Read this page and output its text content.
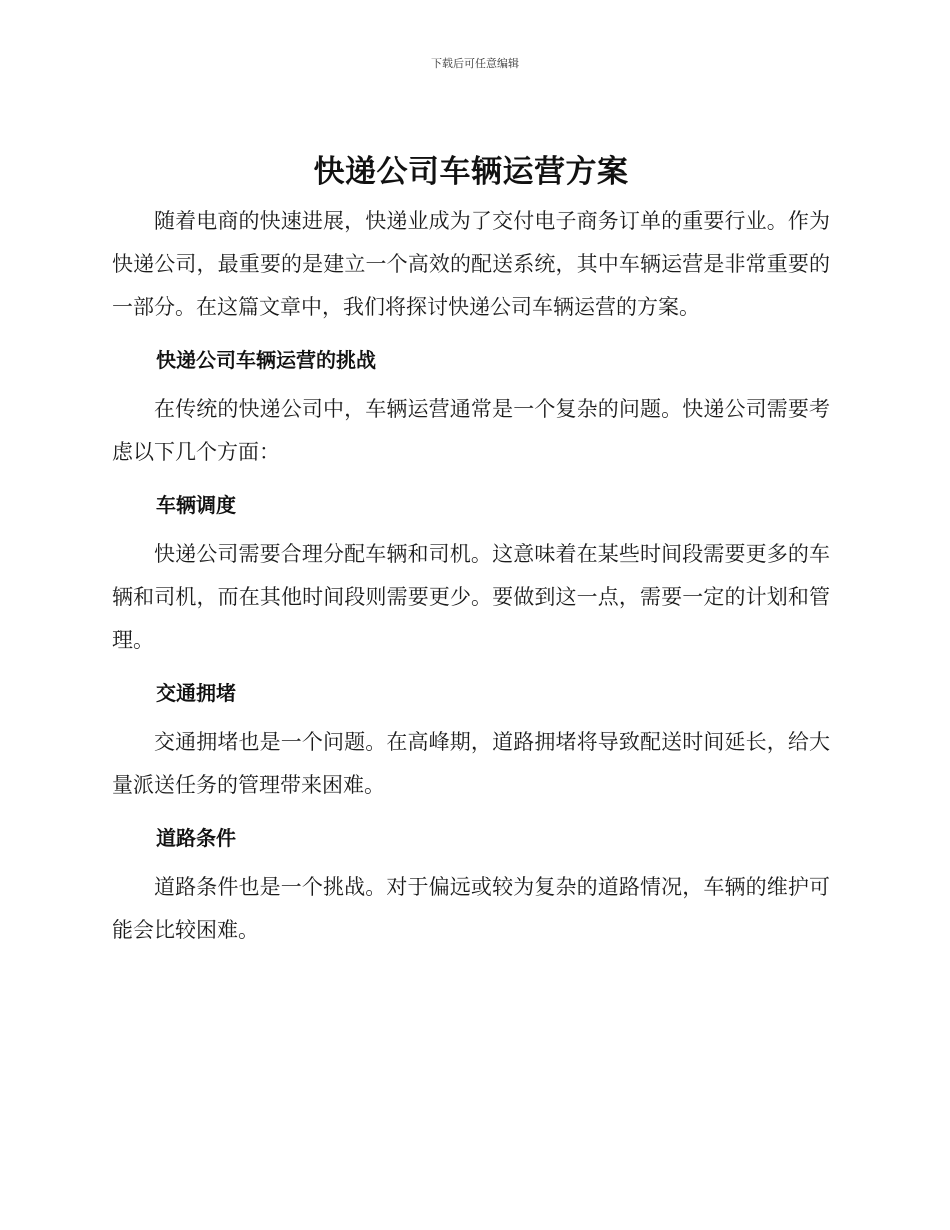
下载后可任意编辑
快递公司车辆运营方案

随着电商的快速进展，快递业成为了交付电子商务订单的重要行业。作为快递公司，最重要的是建立一个高效的配送系统，其中车辆运营是非常重要的一部分。在这篇文章中，我们将探讨快递公司车辆运营的方案。

快递公司车辆运营的挑战

在传统的快递公司中，车辆运营通常是一个复杂的问题。快递公司需要考虑以下几个方面：

车辆调度

快递公司需要合理分配车辆和司机。这意味着在某些时间段需要更多的车辆和司机，而在其他时间段则需要更少。要做到这一点，需要一定的计划和管理。

交通拥堵

交通拥堵也是一个问题。在高峰期，道路拥堵将导致配送时间延长，给大量派送任务的管理带来困难。

道路条件

道路条件也是一个挑战。对于偏远或较为复杂的道路情况，车辆的维护可能会比较困难。
